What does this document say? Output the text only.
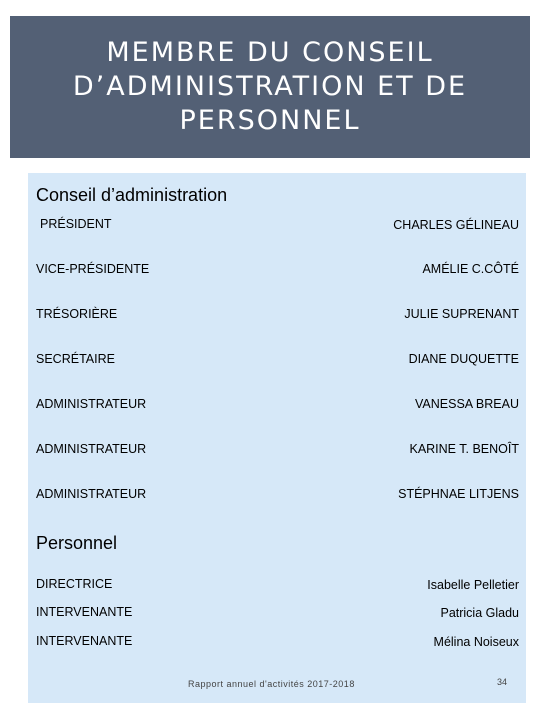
MEMBRE DU CONSEIL
D’ADMINISTRATION ET DE
PERSONNEL
Conseil d’administration
PRÉSIDENT	CHARLES GÉLINEAU
VICE-PRÉSIDENTE	AMÉLIE C.CÔTÉ
TRÉSORIÈRE	JULIE SUPRENANT
SECRÉTAIRE	DIANE DUQUETTE
ADMINISTRATEUR	VANESSA BREAU
ADMINISTRATEUR	KARINE T. BENOÎT
ADMINISTRATEUR	STÉPHNAE LITJENS
Personnel
DIRECTRICE	Isabelle Pelletier
INTERVENANTE	Patricia Gladu
INTERVENANTE	Mélina Noiseux
Rapport annuel d'activités 2017-2018	34
